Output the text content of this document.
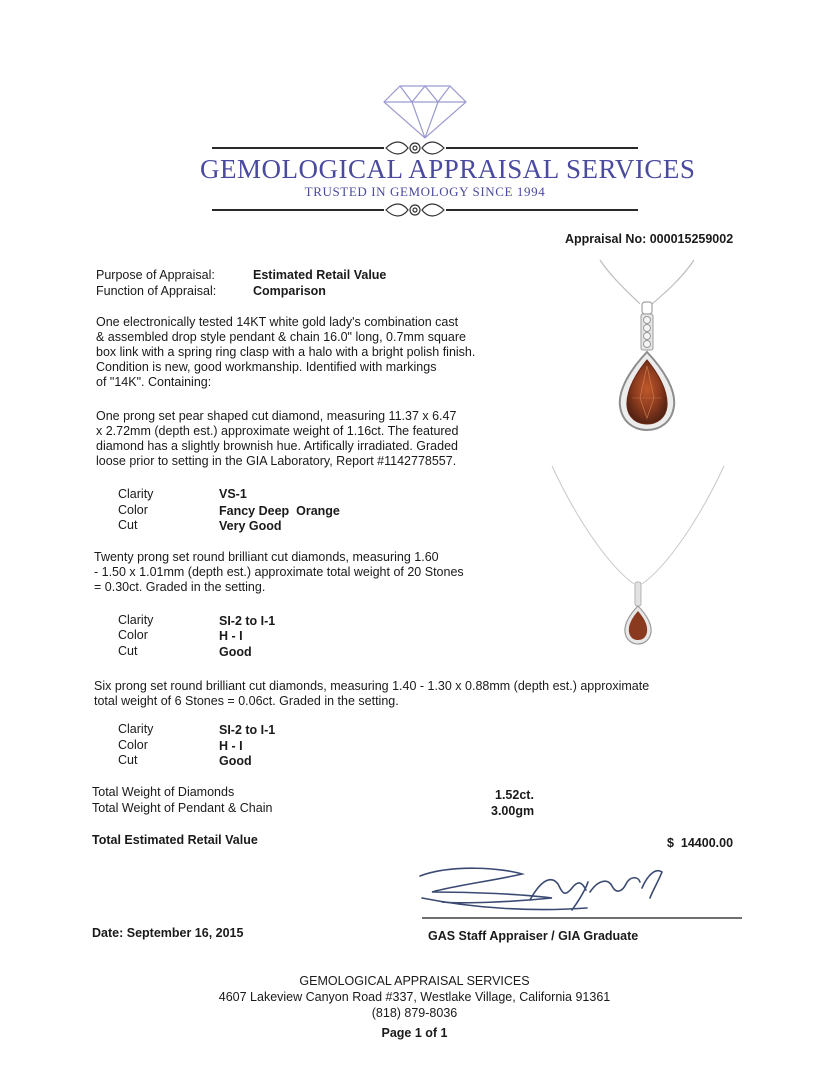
GEMOLOGICAL APPRAISAL SERVICES
TRUSTED IN GEMOLOGY SINCE 1994
Appraisal No: 000015259002
Purpose of Appraisal:	Estimated Retail Value
Function of Appraisal:	Comparison
One electronically tested 14KT white gold lady's combination cast
& assembled drop style pendant & chain 16.0" long, 0.7mm square
box link with a spring ring clasp with a halo with a bright polish finish.
Condition is new, good workmanship. Identified with markings
of "14K". Containing:
One prong set pear shaped cut diamond, measuring 11.37 x 6.47
x 2.72mm (depth est.) approximate weight of 1.16ct. The featured
diamond has a slightly brownish hue. Artifically irradiated. Graded
loose prior to setting in the GIA Laboratory, Report #1142778557.
Clarity	VS-1
Color	Fancy Deep  Orange
Cut	Very Good
Twenty prong set round brilliant cut diamonds, measuring 1.60
- 1.50 x 1.01mm (depth est.) approximate total weight of 20 Stones
= 0.30ct. Graded in the setting.
Clarity	SI-2 to I-1
Color	H - I
Cut	Good
Six prong set round brilliant cut diamonds, measuring 1.40 - 1.30 x 0.88mm (depth est.) approximate
total weight of 6 Stones = 0.06ct. Graded in the setting.
Clarity	SI-2 to I-1
Color	H - I
Cut	Good
Total Weight of Diamonds	1.52ct.
Total Weight of Pendant & Chain	3.00gm
Total Estimated Retail Value	$  14400.00
Date: September 16, 2015	GAS Staff Appraiser / GIA Graduate
GEMOLOGICAL APPRAISAL SERVICES
4607 Lakeview Canyon Road #337, Westlake Village, California 91361
(818) 879-8036
Page 1 of 1
